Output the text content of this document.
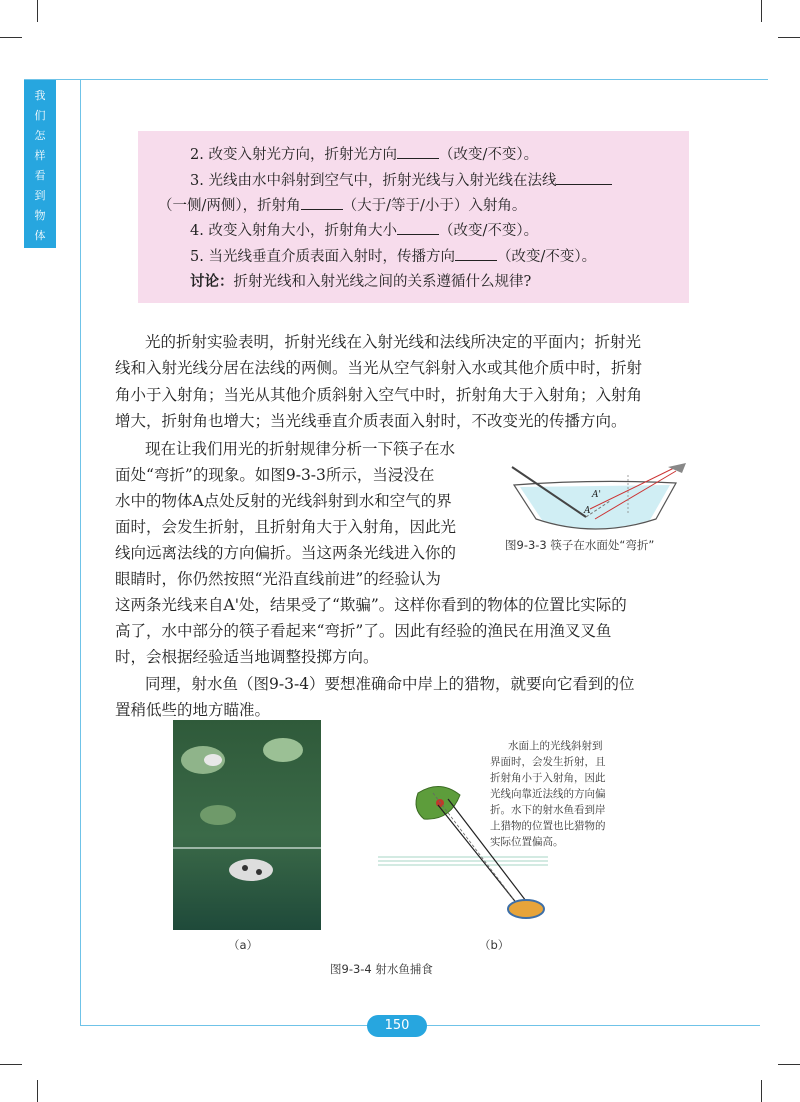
我
们
怎
样
看
到
物
体

2. 改变入射光方向，折射光方向	（改变/不变）。

3. 光线由水中斜射到空气中，折射光线与入射光线在法线

（一侧/两侧），折射角	（大于/等于/小于）入射角。

4. 改变入射角大小，折射角大小	（改变/不变）。

5. 当光线垂直介质表面入射时，传播方向	（改变/不变）。

讨论：折射光线和入射光线之间的关系遵循什么规律?

光的折射实验表明，折射光线在入射光线和法线所决定的平面内；折射光

线和入射光线分居在法线的两侧。当光从空气斜射入水或其他介质中时，折射

角小于入射角；当光从其他介质斜射入空气中时，折射角大于入射角；入射角

增大，折射角也增大；当光线垂直介质表面入射时，不改变光的传播方向。

现在让我们用光的折射规律分析一下筷子在水

面处“弯折”的现象。如图9-3-3所示，当浸没在

水中的物体A点处反射的光线斜射到水和空气的界

面时，会发生折射，且折射角大于入射角，因此光

线向远离法线的方向偏折。当这两条光线进入你的

眼睛时，你仍然按照“光沿直线前进”的经验认为

这两条光线来自A'处，结果受了“欺骗”。这样你看到的物体的位置比实际的

高了，水中部分的筷子看起来“弯折”了。因此有经验的渔民在用渔叉叉鱼

时，会根据经验适当地调整投掷方向。

同理，射水鱼（图9-3-4）要想准确命中岸上的猎物，就要向它看到的位

置稍低些的地方瞄准。

A'
A

图9-3-3 筷子在水面处“弯折”

（a）

水面上的光线斜射到

界面时，会发生折射，且

折射角小于入射角，因此

光线向靠近法线的方向偏

折。水下的射水鱼看到岸

上猎物的位置也比猎物的

实际位置偏高。

（b）

图9-3-4 射水鱼捕食

150
